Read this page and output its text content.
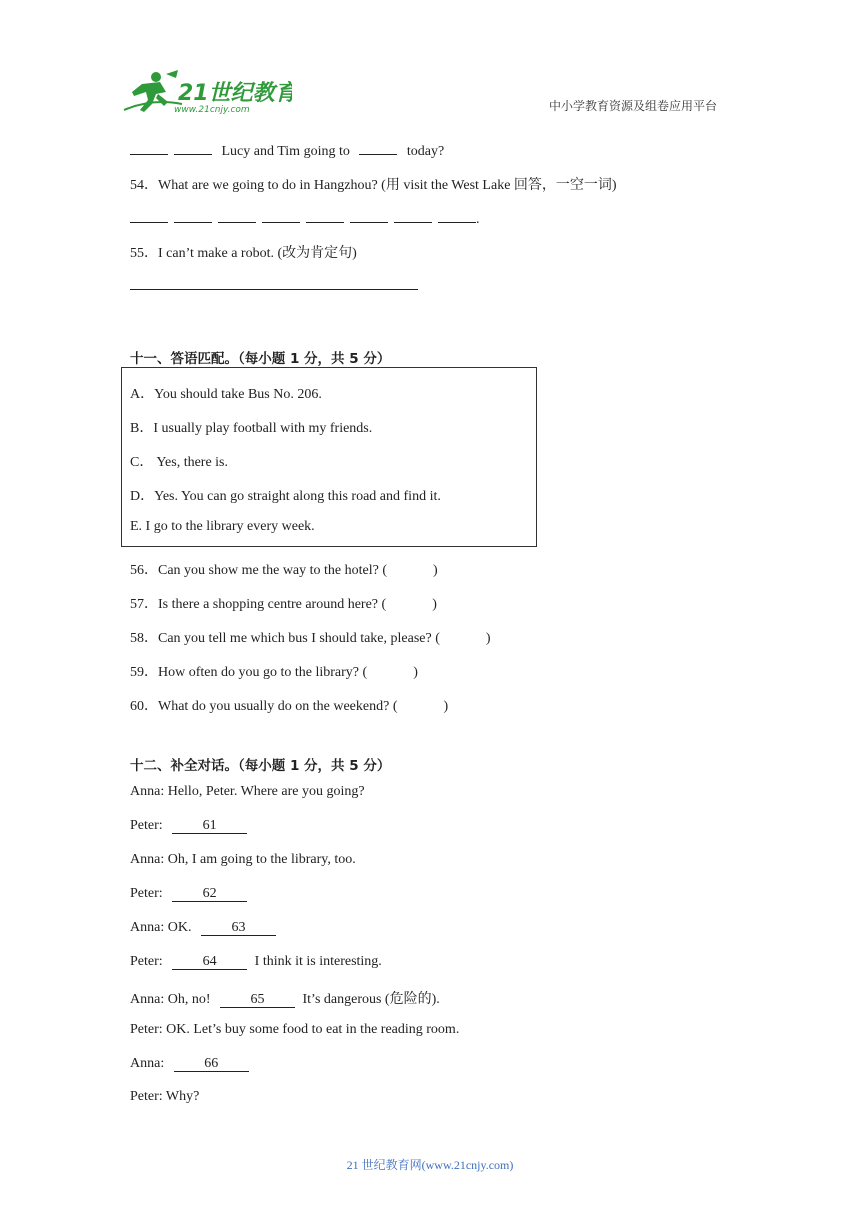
21世纪教育
www.21cnjy.com	中小学教育资源及组卷应用平台
Lucy and Tim going to	today?
54．What are we going to do in Hangzhou? (用 visit the West Lake 回答，一空一词)
.
55．I can’t make a robot. (改为肯定句)
十一、答语匹配。（每小题 1 分，共 5 分）
A．You should take Bus No. 206.
B．I usually play football with my friends.
C． Yes, there is.
D．Yes. You can go straight along this road and find it.
E. I go to the library every week.
56．Can you show me the way to the hotel? (	)
57．Is there a shopping centre around here? (	)
58．Can you tell me which bus I should take, please? (	)
59．How often do you go to the library? (	)
60．What do you usually do on the weekend? (	)
十二、补全对话。（每小题 1 分，共 5 分）
Anna: Hello, Peter. Where are you going?
Peter:	61
Anna: Oh, I am going to the library, too.
Peter:	62
Anna: OK.	63
Peter:	64	I think it is interesting.
Anna: Oh, no!	65	It’s dangerous (危险的).
Peter: OK. Let’s buy some food to eat in the reading room.
Anna:	66
Peter: Why?
21 世纪教育网(www.21cnjy.com)
